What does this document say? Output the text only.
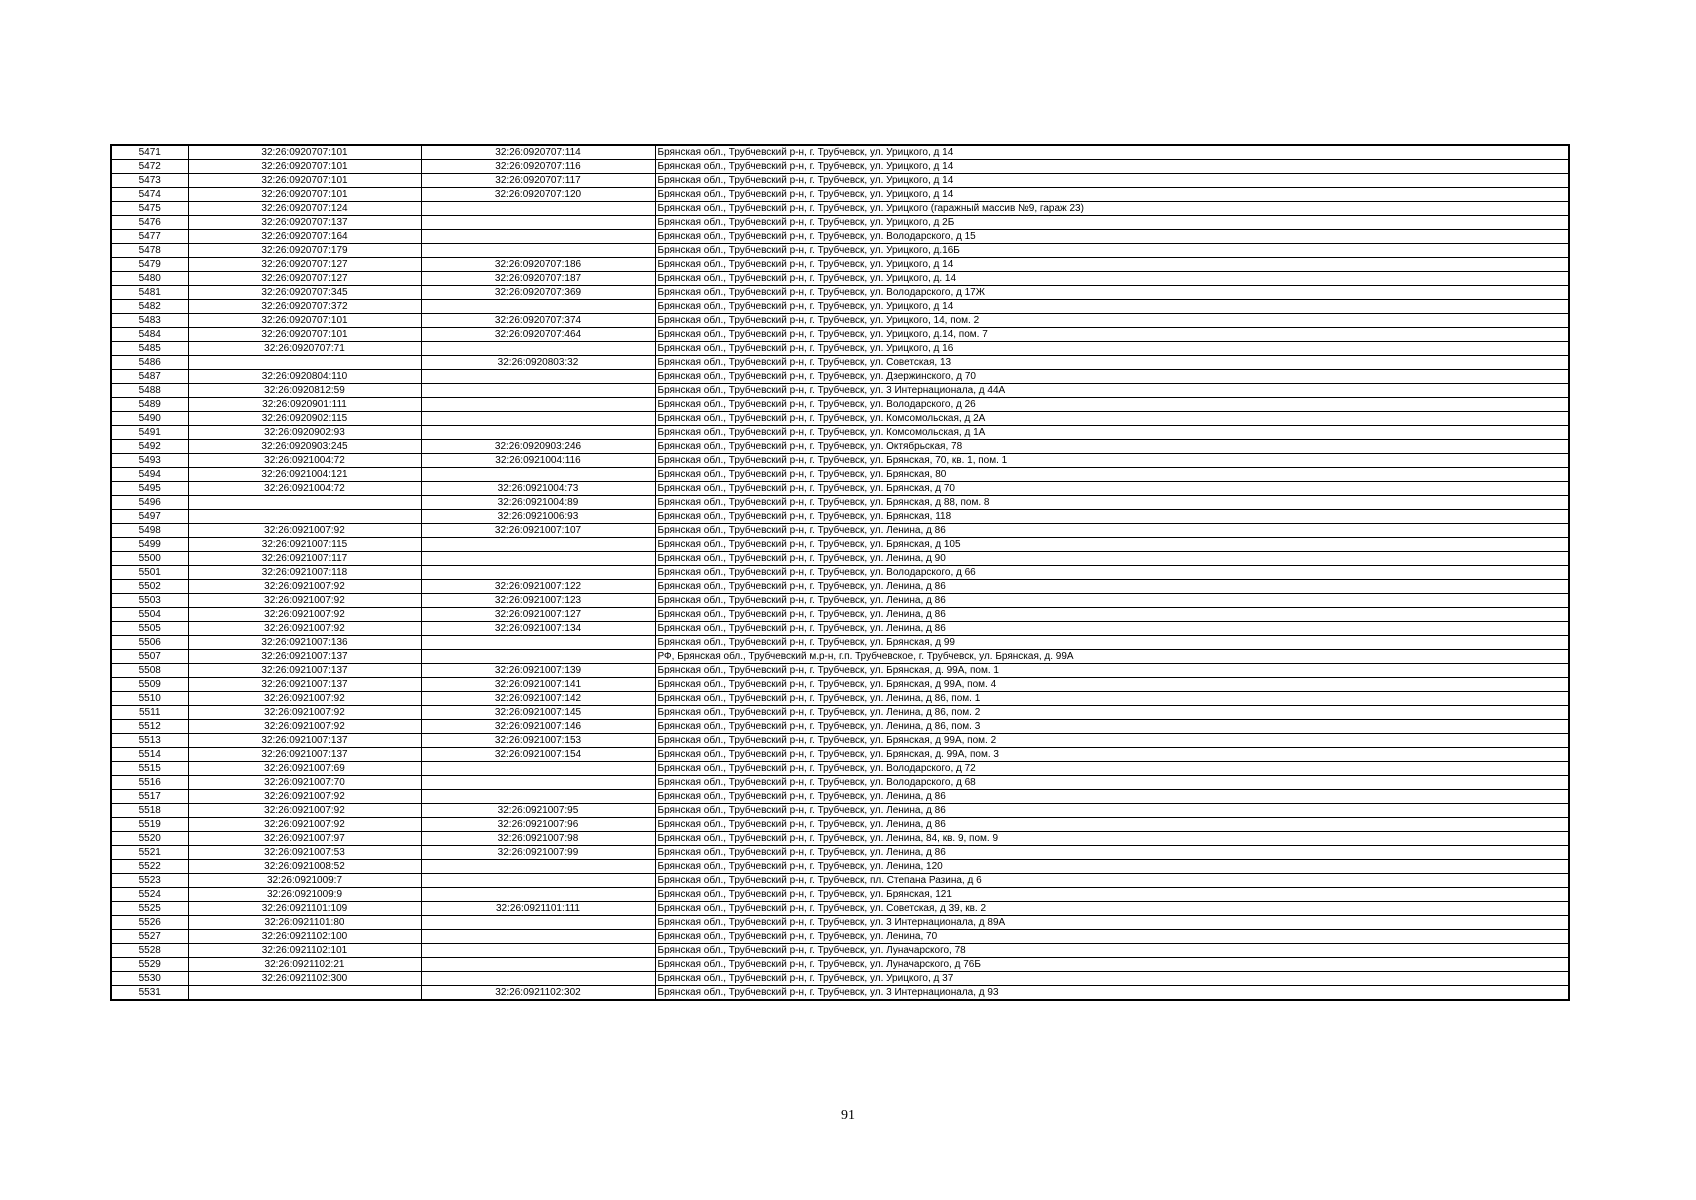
5471	32:26:0920707:101	32:26:0920707:114	Брянская обл., Трубчевский р-н, г. Трубчевск, ул. Урицкого, д 14
5472	32:26:0920707:101	32:26:0920707:116	Брянская обл., Трубчевский р-н, г. Трубчевск, ул. Урицкого, д 14
5473	32:26:0920707:101	32:26:0920707:117	Брянская обл., Трубчевский р-н, г. Трубчевск, ул. Урицкого, д 14
5474	32:26:0920707:101	32:26:0920707:120	Брянская обл., Трубчевский р-н, г. Трубчевск, ул. Урицкого, д 14
5475	32:26:0920707:124		Брянская обл., Трубчевский р-н, г. Трубчевск, ул. Урицкого (гаражный массив №9, гараж 23)
5476	32:26:0920707:137		Брянская обл., Трубчевский р-н, г. Трубчевск, ул. Урицкого, д 2Б
5477	32:26:0920707:164		Брянская обл., Трубчевский р-н, г. Трубчевск, ул. Володарского, д 15
5478	32:26:0920707:179		Брянская обл., Трубчевский р-н, г. Трубчевск, ул. Урицкого, д.16Б
5479	32:26:0920707:127	32:26:0920707:186	Брянская обл., Трубчевский р-н, г. Трубчевск, ул. Урицкого, д 14
5480	32:26:0920707:127	32:26:0920707:187	Брянская обл., Трубчевский р-н, г. Трубчевск, ул. Урицкого, д. 14
5481	32:26:0920707:345	32:26:0920707:369	Брянская обл., Трубчевский р-н, г. Трубчевск, ул. Володарского, д 17Ж
5482	32:26:0920707:372		Брянская обл., Трубчевский р-н, г. Трубчевск, ул. Урицкого, д 14
5483	32:26:0920707:101	32:26:0920707:374	Брянская обл., Трубчевский р-н, г. Трубчевск, ул. Урицкого, 14, пом. 2
5484	32:26:0920707:101	32:26:0920707:464	Брянская обл., Трубчевский р-н, г. Трубчевск, ул. Урицкого, д.14, пом. 7
5485	32:26:0920707:71		Брянская обл., Трубчевский р-н, г. Трубчевск, ул. Урицкого, д 16
5486		32:26:0920803:32	Брянская обл., Трубчевский р-н, г. Трубчевск, ул. Советская, 13
5487	32:26:0920804:110		Брянская обл., Трубчевский р-н, г. Трубчевск, ул. Дзержинского, д 70
5488	32:26:0920812:59		Брянская обл., Трубчевский р-н, г. Трубчевск, ул. 3 Интернационала, д 44А
5489	32:26:0920901:111		Брянская обл., Трубчевский р-н, г. Трубчевск, ул. Володарского, д 26
5490	32:26:0920902:115		Брянская обл., Трубчевский р-н, г. Трубчевск, ул. Комсомольская, д 2А
5491	32:26:0920902:93		Брянская обл., Трубчевский р-н, г. Трубчевск, ул. Комсомольская, д 1А
5492	32:26:0920903:245	32:26:0920903:246	Брянская обл., Трубчевский р-н, г. Трубчевск, ул. Октябрьская, 78
5493	32:26:0921004:72	32:26:0921004:116	Брянская обл., Трубчевский р-н, г. Трубчевск, ул. Брянская, 70, кв. 1, пом. 1
5494	32:26:0921004:121		Брянская обл., Трубчевский р-н, г. Трубчевск, ул. Брянская, 80
5495	32:26:0921004:72	32:26:0921004:73	Брянская обл., Трубчевский р-н, г. Трубчевск, ул. Брянская, д 70
5496		32:26:0921004:89	Брянская обл., Трубчевский р-н, г. Трубчевск, ул. Брянская, д 88, пом. 8
5497		32:26:0921006:93	Брянская обл., Трубчевский р-н, г. Трубчевск, ул. Брянская, 118
5498	32:26:0921007:92	32:26:0921007:107	Брянская обл., Трубчевский р-н, г. Трубчевск, ул. Ленина, д 86
5499	32:26:0921007:115		Брянская обл., Трубчевский р-н, г. Трубчевск, ул. Брянская, д 105
5500	32:26:0921007:117		Брянская обл., Трубчевский р-н, г. Трубчевск, ул. Ленина, д 90
5501	32:26:0921007:118		Брянская обл., Трубчевский р-н, г. Трубчевск, ул. Володарского, д 66
5502	32:26:0921007:92	32:26:0921007:122	Брянская обл., Трубчевский р-н, г. Трубчевск, ул. Ленина, д 86
5503	32:26:0921007:92	32:26:0921007:123	Брянская обл., Трубчевский р-н, г. Трубчевск, ул. Ленина, д 86
5504	32:26:0921007:92	32:26:0921007:127	Брянская обл., Трубчевский р-н, г. Трубчевск, ул. Ленина, д 86
5505	32:26:0921007:92	32:26:0921007:134	Брянская обл., Трубчевский р-н, г. Трубчевск, ул. Ленина, д 86
5506	32:26:0921007:136		Брянская обл., Трубчевский р-н, г. Трубчевск, ул. Брянская, д 99
5507	32:26:0921007:137		РФ, Брянская обл., Трубчевский м.р-н, г.п. Трубчевское, г. Трубчевск, ул. Брянская, д. 99А
5508	32:26:0921007:137	32:26:0921007:139	Брянская обл., Трубчевский р-н, г. Трубчевск, ул. Брянская, д. 99А, пом. 1
5509	32:26:0921007:137	32:26:0921007:141	Брянская обл., Трубчевский р-н, г. Трубчевск, ул. Брянская, д 99А, пом. 4
5510	32:26:0921007:92	32:26:0921007:142	Брянская обл., Трубчевский р-н, г. Трубчевск, ул. Ленина, д 86, пом. 1
5511	32:26:0921007:92	32:26:0921007:145	Брянская обл., Трубчевский р-н, г. Трубчевск, ул. Ленина, д 86, пом. 2
5512	32:26:0921007:92	32:26:0921007:146	Брянская обл., Трубчевский р-н, г. Трубчевск, ул. Ленина, д 86, пом. 3
5513	32:26:0921007:137	32:26:0921007:153	Брянская обл., Трубчевский р-н, г. Трубчевск, ул. Брянская, д 99А, пом. 2
5514	32:26:0921007:137	32:26:0921007:154	Брянская обл., Трубчевский р-н, г. Трубчевск, ул. Брянская, д. 99А, пом. 3
5515	32:26:0921007:69		Брянская обл., Трубчевский р-н, г. Трубчевск, ул. Володарского, д 72
5516	32:26:0921007:70		Брянская обл., Трубчевский р-н, г. Трубчевск, ул. Володарского, д 68
5517	32:26:0921007:92		Брянская обл., Трубчевский р-н, г. Трубчевск, ул. Ленина, д 86
5518	32:26:0921007:92	32:26:0921007:95	Брянская обл., Трубчевский р-н, г. Трубчевск, ул. Ленина, д 86
5519	32:26:0921007:92	32:26:0921007:96	Брянская обл., Трубчевский р-н, г. Трубчевск, ул. Ленина, д 86
5520	32:26:0921007:97	32:26:0921007:98	Брянская обл., Трубчевский р-н, г. Трубчевск, ул. Ленина, 84, кв. 9, пом. 9
5521	32:26:0921007:53	32:26:0921007:99	Брянская обл., Трубчевский р-н, г. Трубчевск, ул. Ленина, д 86
5522	32:26:0921008:52		Брянская обл., Трубчевский р-н, г. Трубчевск, ул. Ленина, 120
5523	32:26:0921009:7		Брянская обл., Трубчевский р-н, г. Трубчевск, пл. Степана Разина, д 6
5524	32:26:0921009:9		Брянская обл., Трубчевский р-н, г. Трубчевск, ул. Брянская, 121
5525	32:26:0921101:109	32:26:0921101:111	Брянская обл., Трубчевский р-н, г. Трубчевск, ул. Советская, д 39, кв. 2
5526	32:26:0921101:80		Брянская обл., Трубчевский р-н, г. Трубчевск, ул. 3 Интернационала, д 89А
5527	32:26:0921102:100		Брянская обл., Трубчевский р-н, г. Трубчевск, ул. Ленина, 70
5528	32:26:0921102:101		Брянская обл., Трубчевский р-н, г. Трубчевск, ул. Луначарского, 78
5529	32:26:0921102:21		Брянская обл., Трубчевский р-н, г. Трубчевск, ул. Луначарского, д 76Б
5530	32:26:0921102:300		Брянская обл., Трубчевский р-н, г. Трубчевск, ул. Урицкого, д 37
5531		32:26:0921102:302	Брянская обл., Трубчевский р-н, г. Трубчевск, ул. 3 Интернационала, д 93
91
